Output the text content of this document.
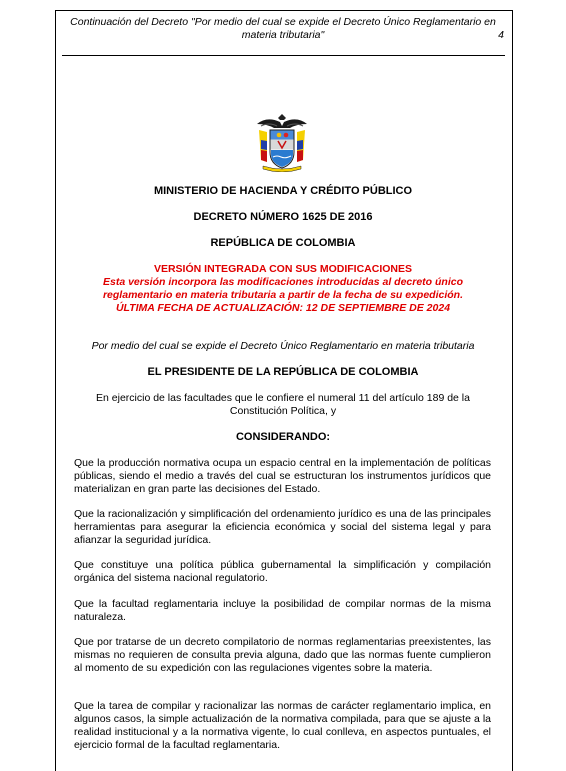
Continuación del Decreto "Por medio del cual se expide el Decreto Único Reglamentario en
materia tributaria"	4
MINISTERIO DE HACIENDA Y CRÉDITO PÚBLICO
DECRETO NÚMERO 1625 DE 2016
REPÚBLICA DE COLOMBIA
VERSIÓN INTEGRADA CON SUS MODIFICACIONES
Esta versión incorpora las modificaciones introducidas al decreto único
reglamentario en materia tributaria a partir de la fecha de su expedición.
ÚLTIMA FECHA DE ACTUALIZACIÓN: 12 DE SEPTIEMBRE DE 2024
Por medio del cual se expide el Decreto Único Reglamentario en materia tributaria
EL PRESIDENTE DE LA REPÚBLICA DE COLOMBIA
En ejercicio de las facultades que le confiere el numeral 11 del artículo 189 de la
Constitución Política, y
CONSIDERANDO:
Que la producción normativa ocupa un espacio central en la implementación de políticas públicas, siendo el medio a través del cual se estructuran los instrumentos jurídicos que materializan en gran parte las decisiones del Estado.
Que la racionalización y simplificación del ordenamiento jurídico es una de las principales herramientas para asegurar la eficiencia económica y social del sistema legal y para afianzar la seguridad jurídica.
Que constituye una política pública gubernamental la simplificación y compilación orgánica del sistema nacional regulatorio.
Que la facultad reglamentaria incluye la posibilidad de compilar normas de la misma naturaleza.
Que por tratarse de un decreto compilatorio de normas reglamentarias preexistentes, las mismas no requieren de consulta previa alguna, dado que las normas fuente cumplieron al momento de su expedición con las regulaciones vigentes sobre la materia.
Que la tarea de compilar y racionalizar las normas de carácter reglamentario implica, en algunos casos, la simple actualización de la normativa compilada, para que se ajuste a la realidad institucional y a la normativa vigente, lo cual conlleva, en aspectos puntuales, el ejercicio formal de la facultad reglamentaria.
